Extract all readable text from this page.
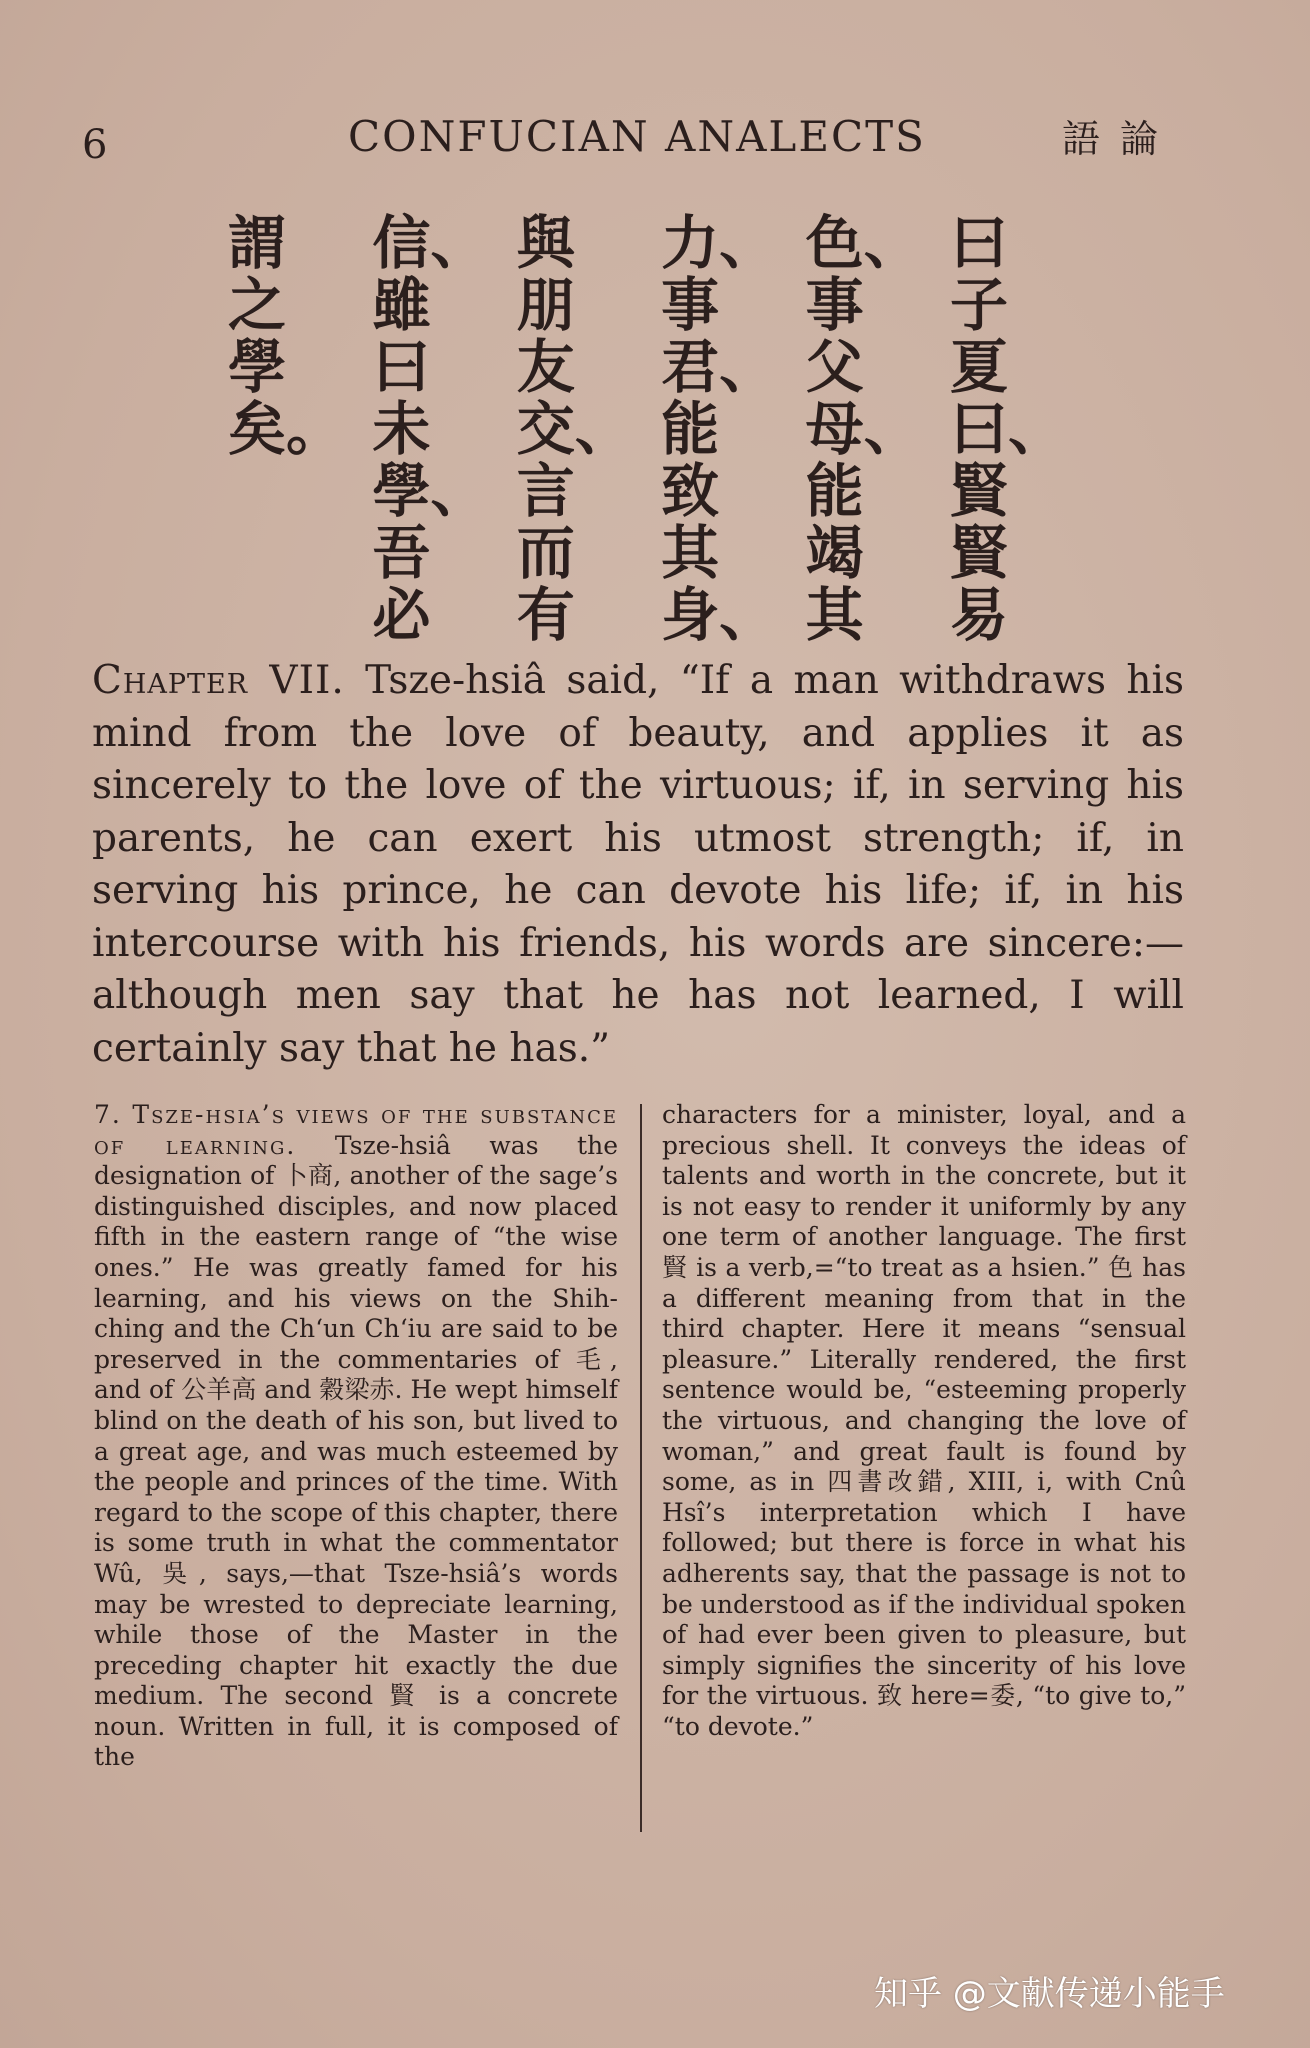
6	CONFUCIAN ANALECTS	語論
曰子夏曰、賢賢易
色、事父母、能竭其
力、事君、能致其身、
與朋友交、言而有
信、雖曰未學、吾必
謂之學矣。
Chapter VII. Tsze-hsiâ said, “If a man withdraws his mind from the love of beauty, and applies it as sincerely to the love of the virtuous; if, in serving his parents, he can exert his utmost strength; if, in serving his prince, he can devote his life; if, in his intercourse with his friends, his words are sincere:—although men say that he has not learned, I will certainly say that he has.”
7. Tsze-hsia’s views of the substance of learning. Tsze-hsiâ was the designation of 卜商, another of the sage’s distinguished disciples, and now placed fifth in the eastern range of “the wise ones.” He was greatly famed for his learning, and his views on the Shih-ching and the Ch‘un Ch‘iu are said to be preserved in the commentaries of 毛, and of 公羊高 and 穀梁赤. He wept himself blind on the death of his son, but lived to a great age, and was much esteemed by the people and princes of the time. With regard to the scope of this chapter, there is some truth in what the commentator Wû, 吳, says,—that Tsze-hsiâ’s words may be wrested to depreciate learning, while those of the Master in the preceding chapter hit exactly the due medium. The second 賢 is a concrete noun. Written in full, it is composed of the
characters for a minister, loyal, and a precious shell. It conveys the ideas of talents and worth in the concrete, but it is not easy to render it uniformly by any one term of another language. The first 賢 is a verb,=“to treat as a hsien.” 色 has a different meaning from that in the third chapter. Here it means “sensual pleasure.” Literally rendered, the first sentence would be, “esteeming properly the virtuous, and changing the love of woman,” and great fault is found by some, as in 四書改錯, XIII, i, with Cnû Hsî’s interpretation which I have followed; but there is force in what his adherents say, that the passage is not to be understood as if the individual spoken of had ever been given to pleasure, but simply signifies the sincerity of his love for the virtuous. 致 here=委, “to give to,” “to devote.”
知乎 @文献传递小能手
